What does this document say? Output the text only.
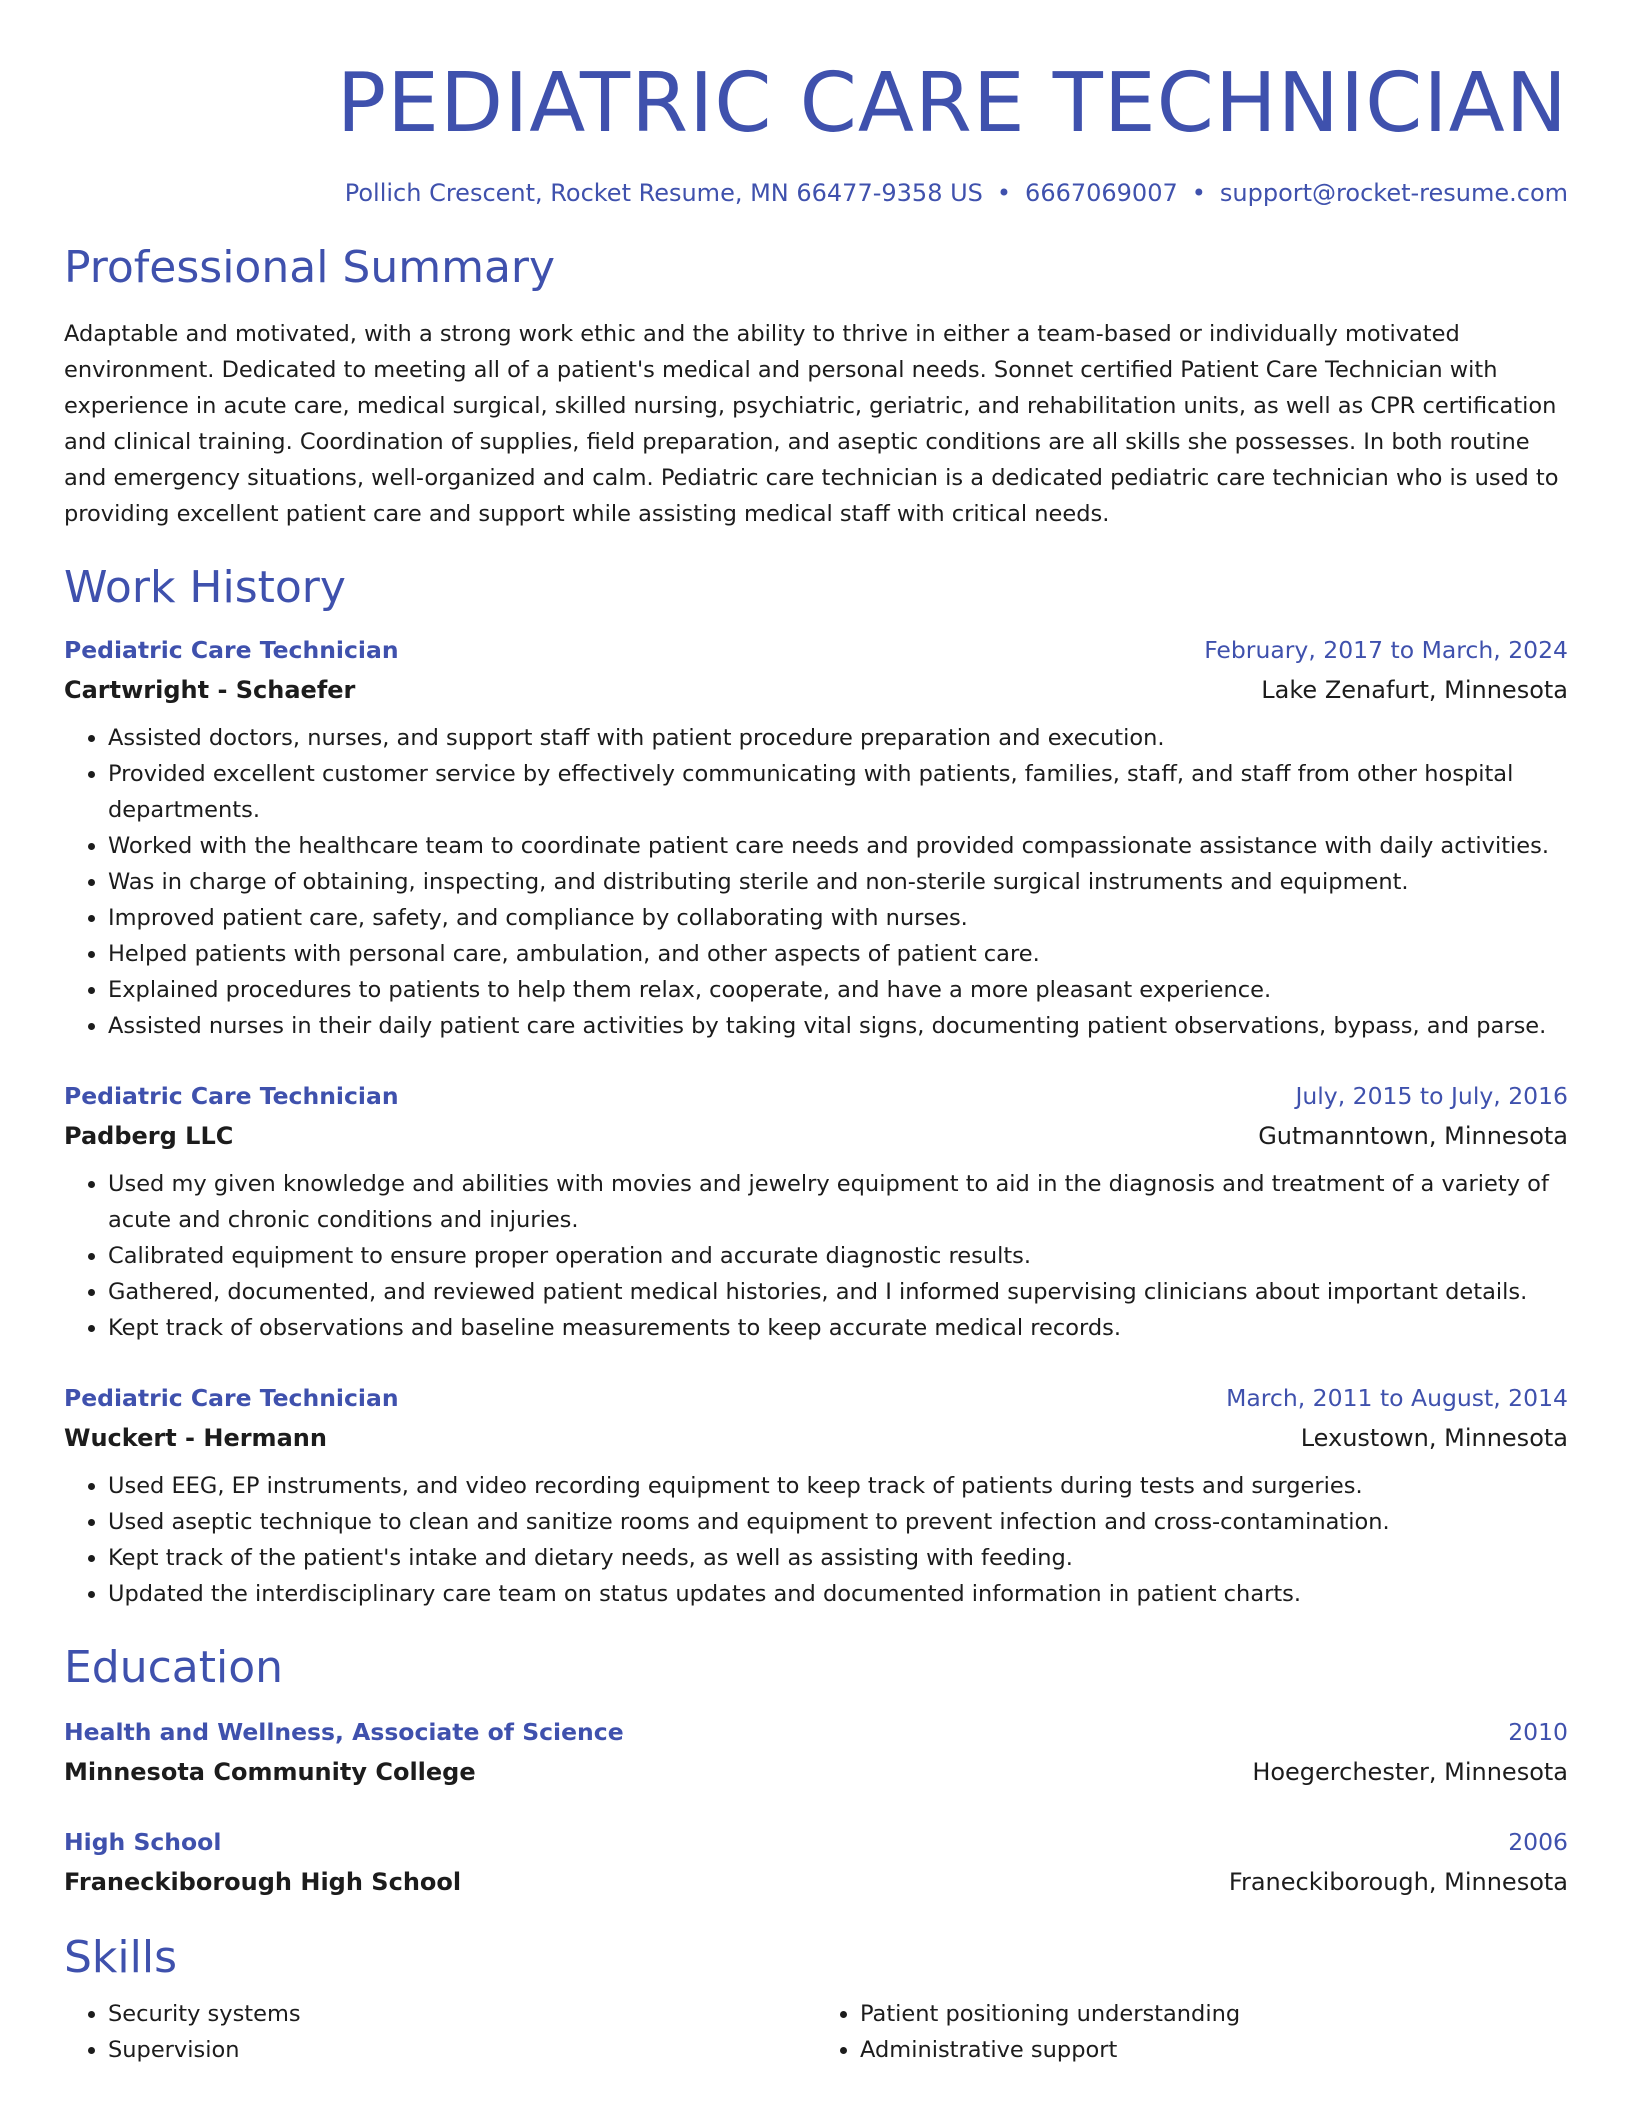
PEDIATRIC CARE TECHNICIAN
Pollich Crescent, Rocket Resume, MN 66477-9358 US • 6667069007 • support@rocket-resume.com
Professional Summary
Adaptable and motivated, with a strong work ethic and the ability to thrive in either a team-based or individually motivated environment. Dedicated to meeting all of a patient's medical and personal needs. Sonnet certified Patient Care Technician with experience in acute care, medical surgical, skilled nursing, psychiatric, geriatric, and rehabilitation units, as well as CPR certification and clinical training. Coordination of supplies, field preparation, and aseptic conditions are all skills she possesses. In both routine and emergency situations, well-organized and calm. Pediatric care technician is a dedicated pediatric care technician who is used to providing excellent patient care and support while assisting medical staff with critical needs.
Work History
Pediatric Care Technician	February, 2017 to March, 2024
Cartwright - Schaefer	Lake Zenafurt, Minnesota
• Assisted doctors, nurses, and support staff with patient procedure preparation and execution.
• Provided excellent customer service by effectively communicating with patients, families, staff, and staff from other hospital departments.
• Worked with the healthcare team to coordinate patient care needs and provided compassionate assistance with daily activities.
• Was in charge of obtaining, inspecting, and distributing sterile and non-sterile surgical instruments and equipment.
• Improved patient care, safety, and compliance by collaborating with nurses.
• Helped patients with personal care, ambulation, and other aspects of patient care.
• Explained procedures to patients to help them relax, cooperate, and have a more pleasant experience.
• Assisted nurses in their daily patient care activities by taking vital signs, documenting patient observations, bypass, and parse.
Pediatric Care Technician	July, 2015 to July, 2016
Padberg LLC	Gutmanntown, Minnesota
• Used my given knowledge and abilities with movies and jewelry equipment to aid in the diagnosis and treatment of a variety of acute and chronic conditions and injuries.
• Calibrated equipment to ensure proper operation and accurate diagnostic results.
• Gathered, documented, and reviewed patient medical histories, and I informed supervising clinicians about important details.
• Kept track of observations and baseline measurements to keep accurate medical records.
Pediatric Care Technician	March, 2011 to August, 2014
Wuckert - Hermann	Lexustown, Minnesota
• Used EEG, EP instruments, and video recording equipment to keep track of patients during tests and surgeries.
• Used aseptic technique to clean and sanitize rooms and equipment to prevent infection and cross-contamination.
• Kept track of the patient's intake and dietary needs, as well as assisting with feeding.
• Updated the interdisciplinary care team on status updates and documented information in patient charts.
Education
Health and Wellness, Associate of Science	2010
Minnesota Community College	Hoegerchester, Minnesota
High School	2006
Franeckiborough High School	Franeckiborough, Minnesota
Skills
• Security systems
• Supervision
• Patient positioning understanding
• Administrative support
